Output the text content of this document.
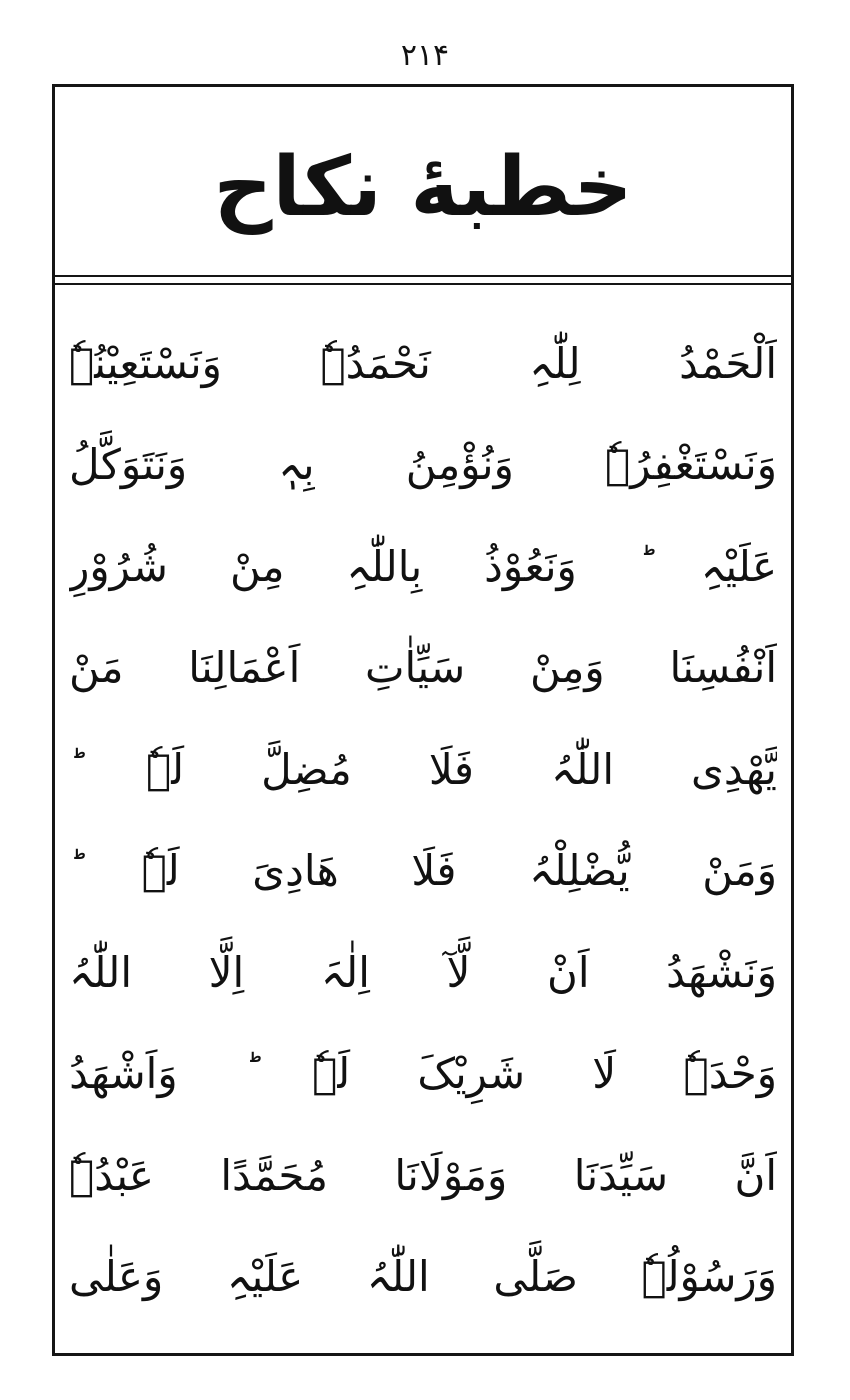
۲۱۴
خطبهٔ نکاح
اَلْحَمْدُ
لِلّٰہِ
نَحْمَدُہٗ
وَنَسْتَعِیْنُہٗ
وَنَسْتَغْفِرُہٗ
وَنُؤْمِنُ
بِہٖ
وَنَتَوَکَّلُ
عَلَیْہِ
وَنَعُوْذُ
بِاللّٰہِ
مِنْ
شُرُوْرِ
اَنْفُسِنَا
وَمِنْ
سَیِّاٰتِ
اَعْمَالِنَا
مَنْ
یَّھْدِی
اللّٰہُ
فَلَا
مُضِلَّ
لَہٗ
وَمَنْ
یُّضْلِلْہُ
فَلَا
ھَادِیَ
لَہٗ
وَنَشْھَدُ
اَنْ
لَّآ
اِلٰہَ
اِلَّا
اللّٰہُ
وَحْدَہٗ
لَا
شَرِیْکَ
لَہٗ
وَاَشْھَدُ
اَنَّ
سَیِّدَنَا
وَمَوْلَانَا
مُحَمَّدًا
عَبْدُہٗ
وَرَسُوْلُہٗ
صَلَّی
اللّٰہُ
عَلَیْہِ
وَعَلٰی
